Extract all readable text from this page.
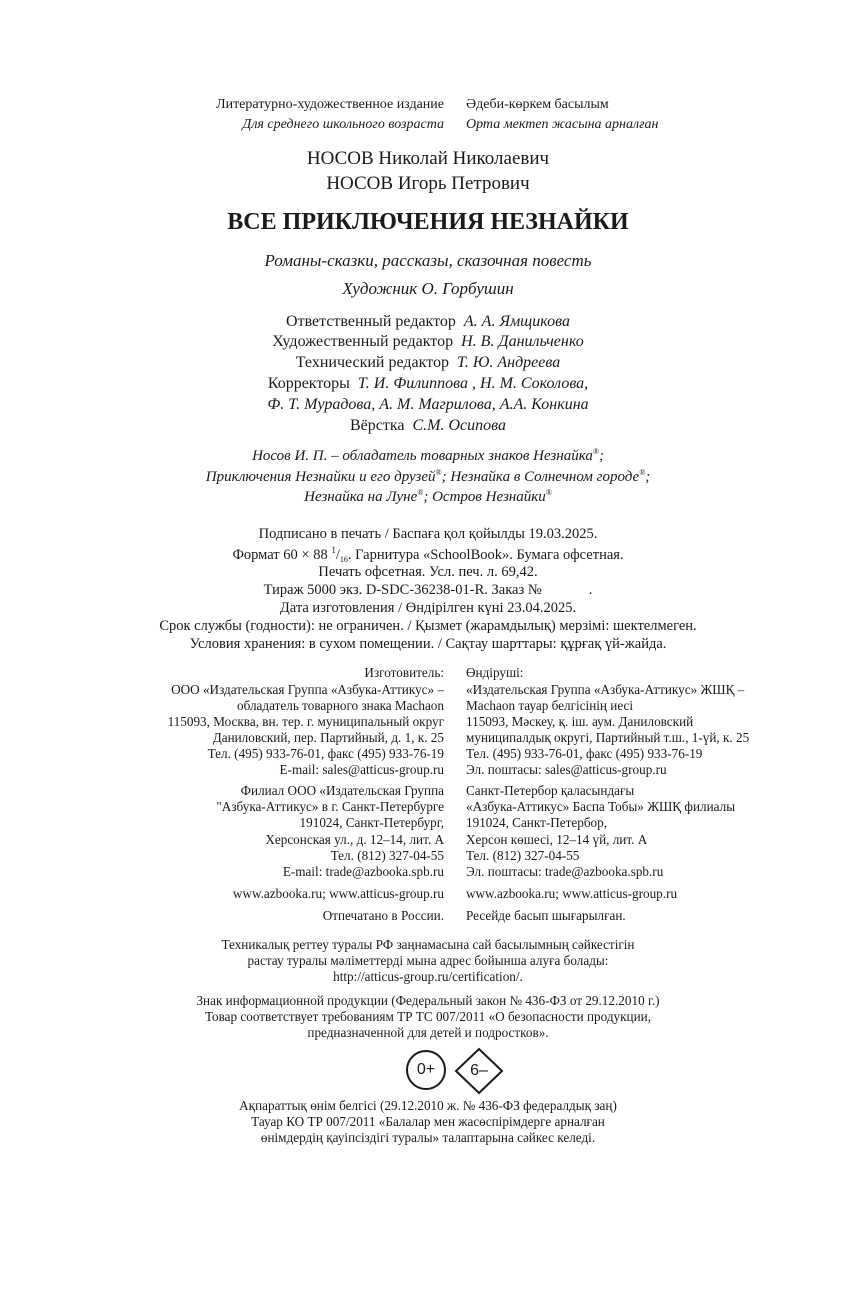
Литературно-художественное издание Әдеби-көркем басылым
Для среднего школьного возраста Орта мектеп жасына арналған
НОСОВ Николай Николаевич
НОСОВ Игорь Петрович
ВСЕ ПРИКЛЮЧЕНИЯ НЕЗНАЙКИ
Романы-сказки, рассказы, сказочная повесть
Художник О. Горбушин
Ответственный редактор А. А. Ямщикова
Художественный редактор Н. В. Данильченко
Технический редактор Т. Ю. Андреева
Корректоры Т. И. Филиппова , Н. М. Соколова,
Ф. Т. Мурадова, А. М. Магрилова, А.А. Конкина
Вёрстка С.М. Осипова
Носов И. П. – обладатель товарных знаков Незнайка®;
Приключения Незнайки и его друзей®; Незнайка в Солнечном городе®;
Незнайка на Луне®; Остров Незнайки®
Подписано в печать / Баспаға қол қойылды 19.03.2025.
Формат 60 × 88 $^1/_{16}$. Гарнитура «SchoolBook». Бумага офсетная.
Печать офсетная. Усл. печ. л. 69,42.
Тираж 5000 экз. D-SDC-36238-01-R. Заказ №             .
Дата изготовления / Өндірілген күні 23.04.2025.
Срок службы (годности): не ограничен. / Қызмет (жарамдылық) мерзімі: шектелмеген.
Условия хранения: в сухом помещении. / Сақтау шарттары: құрғақ үй-жайда.
Изготовитель: Өндіруші:
ООО «Издательская Группа «Азбука-Аттикус» – «Издательская Группа «Азбука-Аттикус» ЖШҚ –
обладатель товарного знака Machaon Machaon тауар белгісінің иесі
115093, Москва, вн. тер. г. муниципальный округ 115093, Мәскеу, қ. іш. аум. Даниловский
Даниловский, пер. Партийный, д. 1, к. 25 муниципалдық округі, Партийный т.ш., 1-үй, к. 25
Тел. (495) 933-76-01, факс (495) 933-76-19 Тел. (495) 933-76-01, факс (495) 933-76-19
E-mail: sales@atticus-group.ru Эл. поштасы: sales@atticus-group.ru
Филиал ООО «Издательская Группа Санкт-Петербор қаласындағы
"Азбука-Аттикус» в г. Санкт-Петербурге «Азбука-Аттикус» Баспа Тобы» ЖШҚ филиалы
191024, Санкт-Петербург, 191024, Санкт-Петербор,
Херсонская ул., д. 12–14, лит. А Херсон көшесі, 12–14 үй, лит. А
Тел. (812) 327-04-55 Тел. (812) 327-04-55
E-mail: trade@azbooka.spb.ru Эл. поштасы: trade@azbooka.spb.ru
www.azbooka.ru; www.atticus-group.ru www.azbooka.ru; www.atticus-group.ru
Отпечатано в России. Ресейде басып шығарылған.
Техникалық реттеу туралы РФ заңнамасына сай басылымның сәйкестігін
растау туралы мәліметтерді мына адрес бойынша алуға болады:
http://atticus-group.ru/certification/.
Знак информационной продукции (Федеральный закон № 436-ФЗ от 29.12.2010 г.)
Товар соответствует требованиям ТР ТС 007/2011 «О безопасности продукции,
предназначенной для детей и подростков».
0+	6–
Ақпараттық өнім белгісі (29.12.2010 ж. № 436-ФЗ федералдық заң)
Тауар КО ТР 007/2011 «Балалар мен жасөспірімдерге арналған
өнімдердің қауіпсіздігі туралы» талаптарына сәйкес келеді.
